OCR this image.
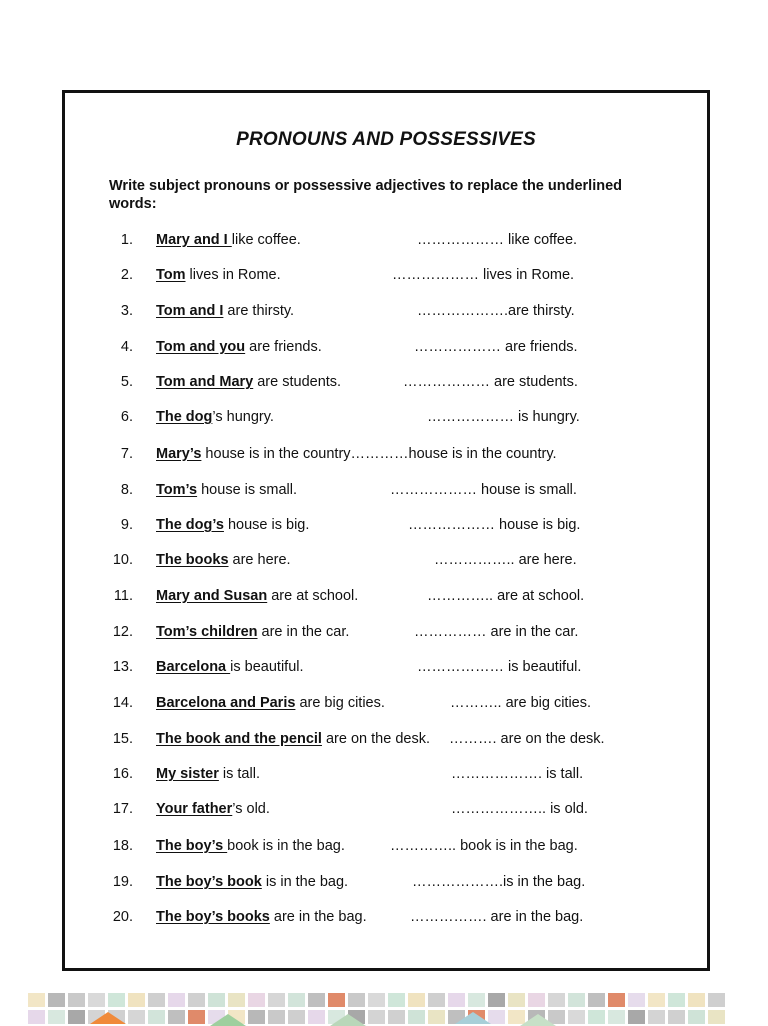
PRONOUNS AND POSSESSIVES
Write subject pronouns or possessive adjectives to replace the underlined words:
1. Mary and I like coffee.	……………… like coffee.
2. Tom lives in Rome.	……………… lives in Rome.
3. Tom and I are thirsty.	……………….are thirsty.
4. Tom and you are friends.	……………… are friends.
5. Tom and Mary are students.	……………… are students.
6. The dog’s hungry.	……………… is hungry.
7. Mary’s house is in the country…………house is in the country.
8. Tom’s house is small.	……………… house is small.
9. The dog’s house is big.	……………… house is big.
10. The books are here.	…………….. are here.
11. Mary and Susan are at school.	………….. are at school.
12. Tom’s children are in the car.	…………… are in the car.
13. Barcelona is beautiful.	……………… is beautiful.
14. Barcelona and Paris are big cities.	……….. are big cities.
15. The book and the pencil are on the desk. ………. are on the desk.
16. My sister is tall.	………………. is tall.
17. Your father’s old.	……………….. is old.
18. The boy’s book is in the bag.	………….. book is in the bag.
19. The boy’s book is in the bag.	……………….is in the bag.
20. The boy’s books are in the bag.	……………. are in the bag.
